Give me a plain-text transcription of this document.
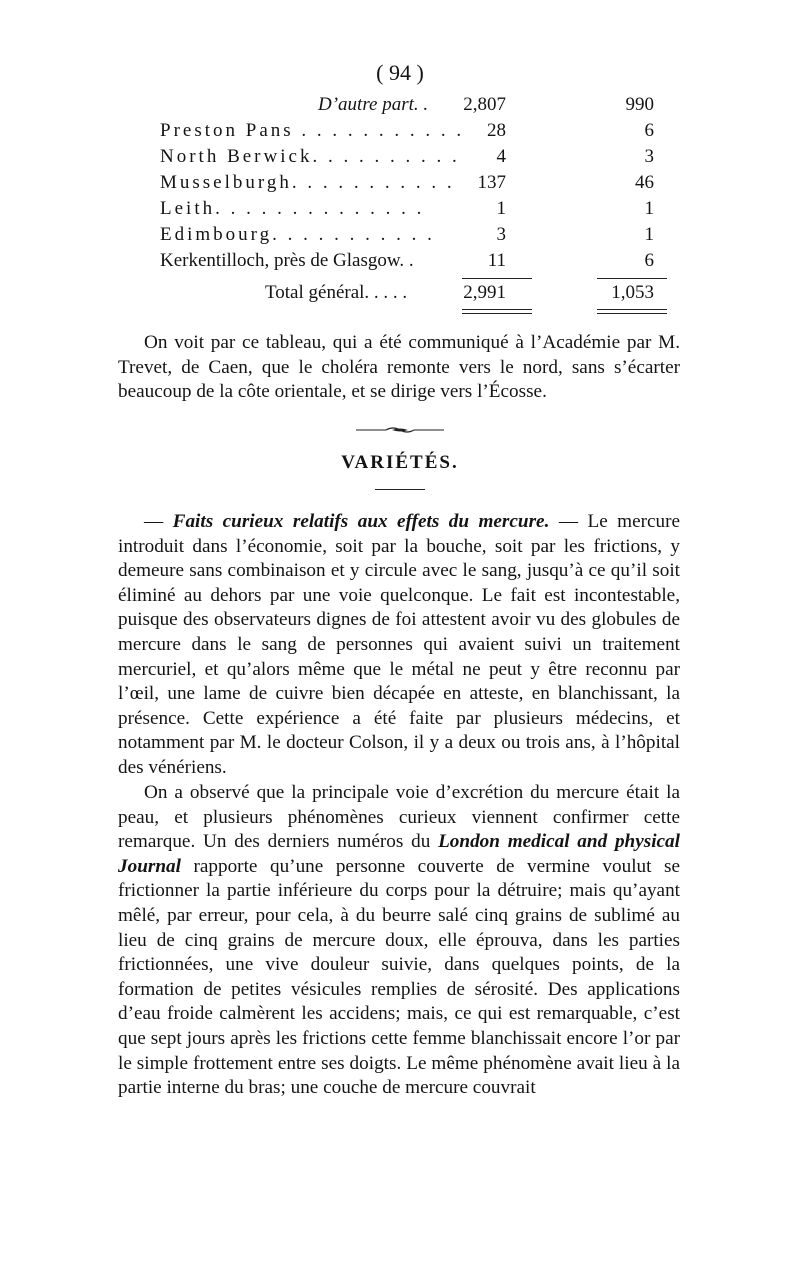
( 94 )
D’autre part. . 2,807	990
Preston Pans . . . . . . . . . . . 28	6
North Berwick. . . . . . . . . . 4	3
Musselburgh. . . . . . . . . . . 137	46
Leith. . . . . . . . . . . . . .	1	1
Edimbourg. . . . . . . . . . .	3	1
Kerkentilloch, près de Glasgow. .	11	6
Total général. . . . .	2,991	1,053

On voit par ce tableau, qui a été communiqué à l’Académie par M. Trevet, de Caen, que le choléra remonte vers le nord, sans s’écarter beaucoup de la côte orientale, et se dirige vers l’Écosse.

VARIÉTÉS.

— Faits curieux relatifs aux effets du mercure. — Le mercure introduit dans l’économie, soit par la bouche, soit par les frictions, y demeure sans combinaison et y circule avec le sang, jusqu’à ce qu’il soit éliminé au dehors par une voie quelconque. Le fait est incontestable, puisque des observateurs dignes de foi attestent avoir vu des globules de mercure dans le sang de personnes qui avaient suivi un traitement mercuriel, et qu’alors même que le métal ne peut y être reconnu par l’œil, une lame de cuivre bien décapée en atteste, en blanchissant, la présence. Cette expérience a été faite par plusieurs médecins, et notamment par M. le docteur Colson, il y a deux ou trois ans, à l’hôpital des vénériens.

On a observé que la principale voie d’excrétion du mercure était la peau, et plusieurs phénomènes curieux viennent confirmer cette remarque. Un des derniers numéros du London medical and physical Journal rapporte qu’une personne couverte de vermine voulut se frictionner la partie inférieure du corps pour la détruire; mais qu’ayant mêlé, par erreur, pour cela, à du beurre salé cinq grains de sublimé au lieu de cinq grains de mercure doux, elle éprouva, dans les parties frictionnées, une vive douleur suivie, dans quelques points, de la formation de petites vésicules remplies de sérosité. Des applications d’eau froide calmèrent les accidens; mais, ce qui est remarquable, c’est que sept jours après les frictions cette femme blanchissait encore l’or par le simple frottement entre ses doigts. Le même phénomène avait lieu à la partie interne du bras; une couche de mercure couvrait
